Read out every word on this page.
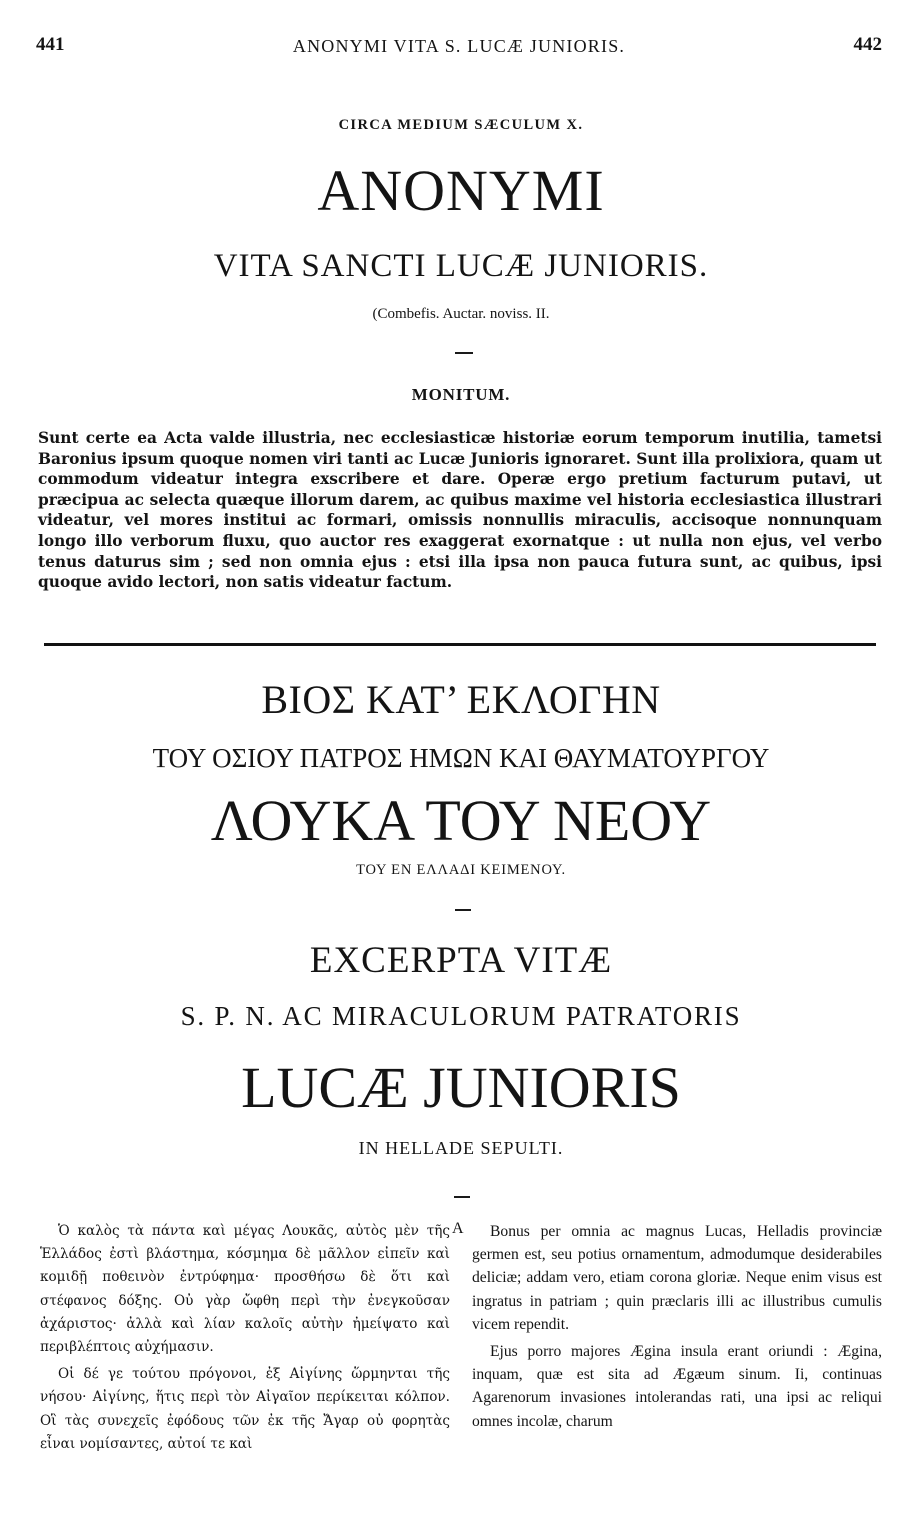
441	ANONYMI VITA S. LUCÆ JUNIORIS.	442
CIRCA MEDIUM SÆCULUM X.
ANONYMI
VITA SANCTI LUCÆ JUNIORIS.
(Combefis. Auctar. noviss. II.
MONITUM.
Sunt certe ea Acta valde illustria, nec ecclesiasticæ historiæ eorum temporum inutilia, tametsi Baronius ipsum quoque nomen viri tanti ac Lucæ Junioris ignoraret. Sunt illa prolixiora, quam ut commodum videatur integra exscribere et dare. Operæ ergo pretium facturum putavi, ut præcipua ac selecta quæque illorum darem, ac quibus maxime vel historia ecclesiastica illustrari videatur, vel mores institui ac formari, omissis nonnullis miraculis, accisoque nonnunquam longo illo verborum fluxu, quo auctor res exaggerat exornatque : ut nulla non ejus, vel verbo tenus daturus sim ; sed non omnia ejus : etsi illa ipsa non pauca futura sunt, ac quibus, ipsi quoque avido lectori, non satis videatur factum.
ΒΙΟΣ ΚΑΤ’ ΕΚΛΟΓΗΝ
ΤΟΥ ΟΣΙΟΥ ΠΑΤΡΟΣ ΗΜΩΝ ΚΑΙ ΘΑΥΜΑΤΟΥΡΓΟΥ
ΛΟΥΚΑ ΤΟΥ ΝΕΟΥ
ΤΟΥ ΕΝ ΕΛΛΑΔΙ ΚΕΙΜΕΝΟΥ.
EXCERPTA VITÆ
S. P. N. AC MIRACULORUM PATRATORIS
LUCÆ JUNIORIS
IN HELLADE SEPULTI.

Ὁ καλὸς τὰ πάντα καὶ μέγας Λουκᾶς, αὐτὸς μὲν τῆς Ἑλλάδος ἐστὶ βλάστημα, κόσμημα δὲ μᾶλλον εἰπεῖν καὶ κομιδῇ ποθεινὸν ἐντρύφημα· προσθήσω δὲ ὅτι καὶ στέφανος δόξης. Οὐ γὰρ ὤφθη περὶ τὴν ἐνεγκοῦσαν ἀχάριστος· ἀλλὰ καὶ λίαν καλοῖς αὐτὴν ἠμείψατο καὶ περιβλέπτοις αὐχήμασιν.

Οἱ δέ γε τούτου πρόγονοι, ἐξ Αἰγίνης ὥρμηνται τῆς νήσου· Αἰγίνης, ἥτις περὶ τὸν Αἰγαῖον περίκειται κόλπον. Οἳ τὰς συνεχεῖς ἐφόδους τῶν ἐκ τῆς Ἄγαρ οὐ φορητὰς εἶναι νομίσαντες, αὐτοί τε καὶ

A	Bonus per omnia ac magnus Lucas, Helladis provinciæ germen est, seu potius ornamentum, admodumque desiderabiles deliciæ; addam vero, etiam corona gloriæ. Neque enim visus est ingratus in patriam ; quin præclaris illi ac illustribus cumulis vicem rependit.

Ejus porro majores Ægina insula erant oriundi : Ægina, inquam, quæ est sita ad Ægæum sinum. Ii, continuas Agarenorum invasiones intolerandas rati, una ipsi ac reliqui omnes incolæ, charum
